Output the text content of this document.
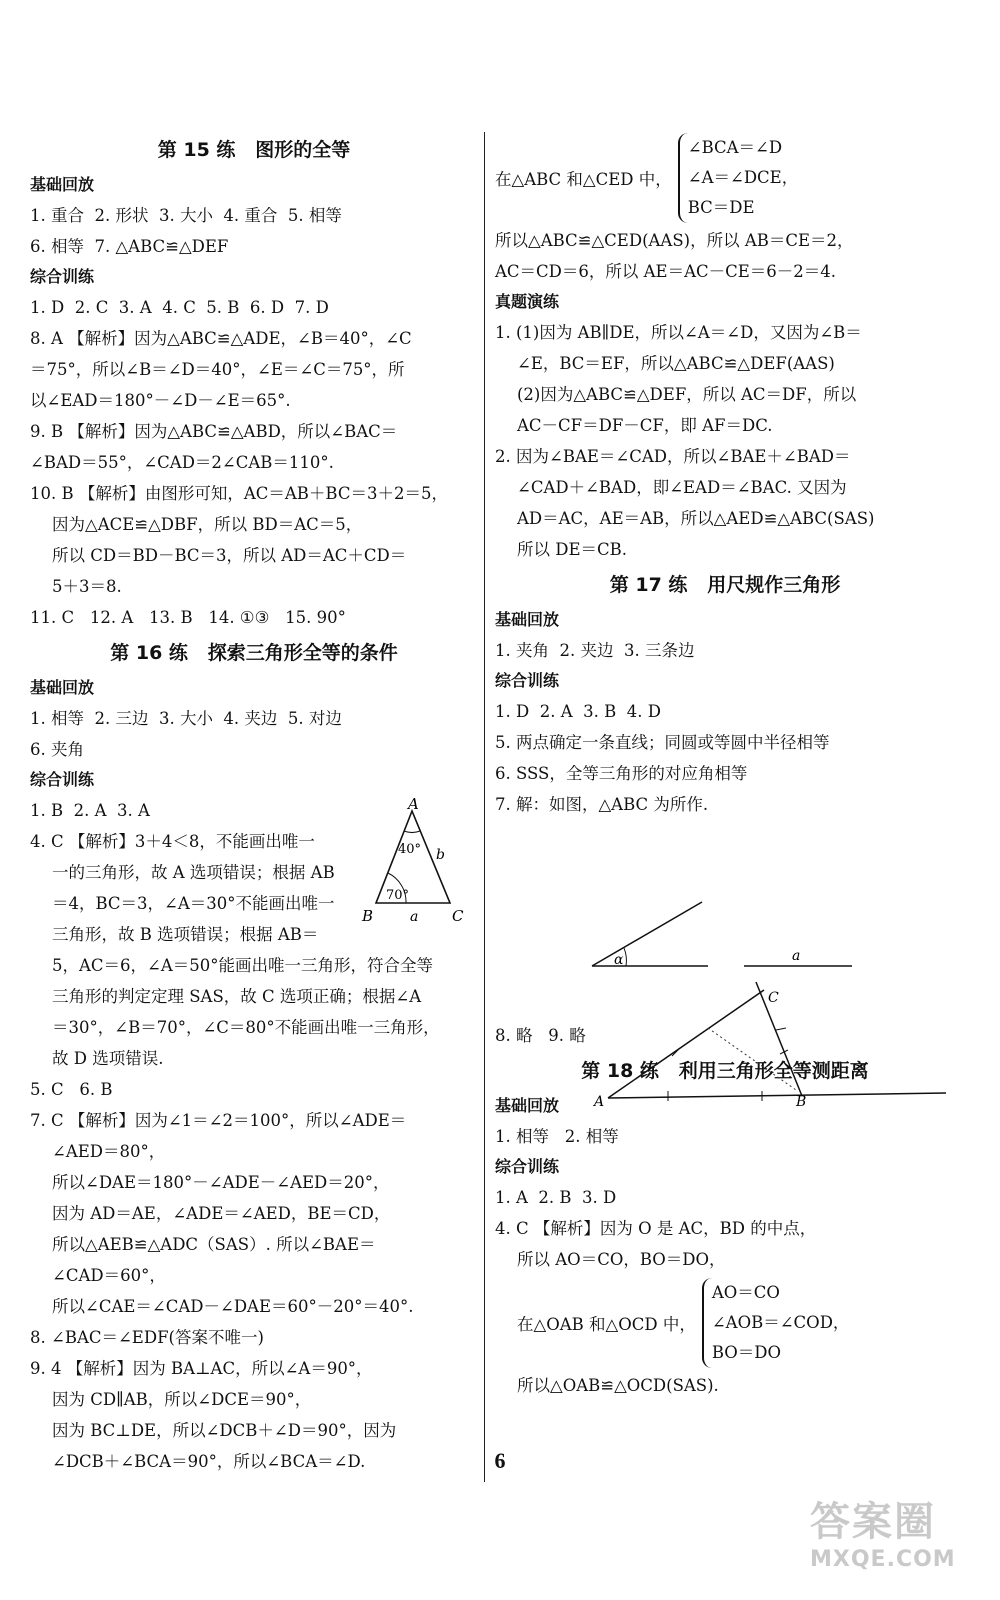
第 15 练   图形的全等
基础回放
1. 重合  2. 形状  3. 大小  4. 重合  5. 相等
6. 相等  7. △ABC≌△DEF
综合训练
1. D  2. C  3. A  4. C  5. B  6. D  7. D
8. A 【解析】因为△ABC≌△ADE，∠B＝40°，∠C
＝75°，所以∠B＝∠D＝40°，∠E＝∠C＝75°，所
以∠EAD＝180°－∠D－∠E＝65°.
9. B 【解析】因为△ABC≌△ABD，所以∠BAC＝
∠BAD＝55°，∠CAD＝2∠CAB＝110°.
10. B 【解析】由图形可知，AC＝AB＋BC＝3＋2＝5，
因为△ACE≌△DBF，所以 BD＝AC＝5，
所以 CD＝BD－BC＝3，所以 AD＝AC＋CD＝
5＋3＝8.
11. C   12. A   13. B   14. ①③   15. 90°
第 16 练   探索三角形全等的条件
基础回放
1. 相等  2. 三边  3. 大小  4. 夹边  5. 对边
6. 夹角
综合训练
1. B  2. A  3. A
4. C 【解析】3＋4＜8，不能画出唯一
一的三角形，故 A 选项错误；根据 AB
＝4，BC＝3，∠A＝30°不能画出唯一
三角形，故 B 选项错误；根据 AB＝
5，AC＝6，∠A＝50°能画出唯一三角形，符合全等
三角形的判定定理 SAS，故 C 选项正确；根据∠A
＝30°，∠B＝70°，∠C＝80°不能画出唯一三角形，
故 D 选项错误.
5. C   6. B
7. C 【解析】因为∠1＝∠2＝100°，所以∠ADE＝
∠AED＝80°，
所以∠DAE＝180°－∠ADE－∠AED＝20°，
因为 AD＝AE，∠ADE＝∠AED，BE＝CD，
所以△AEB≌△ADC（SAS）. 所以∠BAE＝
∠CAD＝60°，
所以∠CAE＝∠CAD－∠DAE＝60°－20°＝40°.
8. ∠BAC＝∠EDF(答案不唯一)
9. 4 【解析】因为 BA⊥AC，所以∠A＝90°，
因为 CD∥AB，所以∠DCE＝90°，
因为 BC⊥DE，所以∠DCB＋∠D＝90°，因为
∠DCB＋∠BCA＝90°，所以∠BCA＝∠D.
A
B	C
b
a
40°
70°
在△ABC 和△CED 中，
∠BCA＝∠D
∠A＝∠DCE，
BC＝DE
所以△ABC≌△CED(AAS)，所以 AB＝CE＝2，
AC＝CD＝6，所以 AE＝AC－CE＝6－2＝4.
真题演练
1. (1)因为 AB∥DE，所以∠A＝∠D，又因为∠B＝
∠E，BC＝EF，所以△ABC≌△DEF(AAS)
(2)因为△ABC≌△DEF，所以 AC＝DF，所以
AC－CF＝DF－CF，即 AF＝DC.
2. 因为∠BAE＝∠CAD，所以∠BAE＋∠BAD＝
∠CAD＋∠BAD，即∠EAD＝∠BAC. 又因为
AD＝AC，AE＝AB，所以△AED≌△ABC(SAS)
所以 DE＝CB.
第 17 练   用尺规作三角形
基础回放
1. 夹角  2. 夹边  3. 三条边
综合训练
1. D  2. A  3. B  4. D
5. 两点确定一条直线；同圆或等圆中半径相等
6. SSS，全等三角形的对应角相等
7. 解：如图，△ABC 为所作.
8. 略   9. 略
第 18 练   利用三角形全等测距离
基础回放
1. 相等   2. 相等
综合训练
1. A  2. B  3. D
4. C 【解析】因为 O 是 AC，BD 的中点，
所以 AO＝CO，BO＝DO，
在△OAB 和△OCD 中，
AO＝CO
∠AOB＝∠COD，
BO＝DO
所以△OAB≌△OCD(SAS).
α	a
A	B
C
6
答案圈
MXQE.COM
